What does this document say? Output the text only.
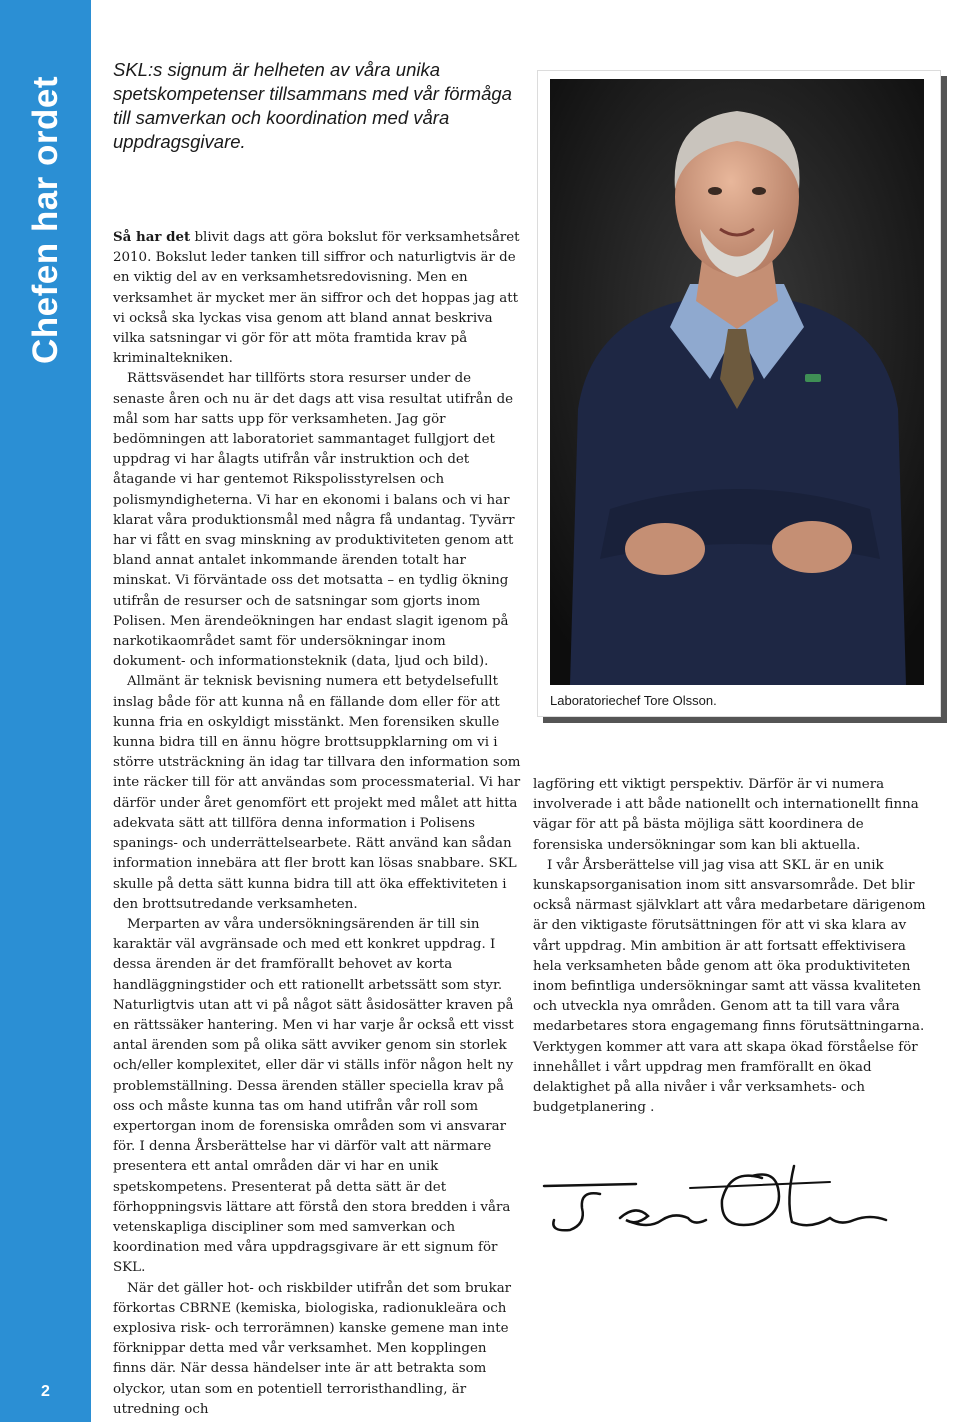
Chefen har ordet
2
SKL:s signum är helheten av våra unika spetskompetenser tillsammans med vår förmåga till samverkan och koordination med våra uppdragsgivare.

Så har det blivit dags att göra bokslut för verksamhetsåret 2010. Bokslut leder tanken till siffror och naturligtvis är de en viktig del av en verksamhetsredovisning. Men en verksamhet är mycket mer än siffror och det hoppas jag att vi också ska lyckas visa genom att bland annat beskriva vilka satsningar vi gör för att möta framtida krav på kriminaltekniken.

Rättsväsendet har tillförts stora resurser under de senaste åren och nu är det dags att visa resultat utifrån de mål som har satts upp för verksamheten. Jag gör bedömningen att laboratoriet sammantaget fullgjort det uppdrag vi har ålagts utifrån vår instruktion och det åtagande vi har gentemot Rikspolisstyrelsen och polismyndigheterna. Vi har en ekonomi i balans och vi har klarat våra produktionsmål med några få undantag. Tyvärr har vi fått en svag minskning av produktiviteten genom att bland annat antalet inkommande ärenden totalt har minskat. Vi förväntade oss det motsatta – en tydlig ökning utifrån de resurser och de satsningar som gjorts inom Polisen. Men ärendeökningen har endast slagit igenom på narkotikaområdet samt för undersökningar inom dokument- och informationsteknik (data, ljud och bild).

Allmänt är teknisk bevisning numera ett betydelsefullt inslag både för att kunna nå en fällande dom eller för att kunna fria en oskyldigt misstänkt. Men forensiken skulle kunna bidra till en ännu högre brottsuppklarning om vi i större utsträckning än idag tar tillvara den information som inte räcker till för att användas som processmaterial. Vi har därför under året genomfört ett projekt med målet att hitta adekvata sätt att tillföra denna information i Polisens spanings- och underrättelsearbete. Rätt använd kan sådan information innebära att fler brott kan lösas snabbare. SKL skulle på detta sätt kunna bidra till att öka effektiviteten i den brottsutredande verksamheten.

Merparten av våra undersökningsärenden är till sin karaktär väl avgränsade och med ett konkret uppdrag. I dessa ärenden är det framförallt behovet av korta handläggningstider och ett rationellt arbetssätt som styr. Naturligtvis utan att vi på något sätt åsidosätter kraven på en rättssäker hantering. Men vi har varje år också ett visst antal ärenden som på olika sätt avviker genom sin storlek och/eller komplexitet, eller där vi ställs inför någon helt ny problemställning. Dessa ärenden ställer speciella krav på oss och måste kunna tas om hand utifrån vår roll som expertorgan inom de forensiska områden som vi ansvarar för. I denna Årsberättelse har vi därför valt att närmare presentera ett antal områden där vi har en unik spetskompetens. Presenterat på detta sätt är det förhoppningsvis lättare att förstå den stora bredden i våra vetenskapliga discipliner som med samverkan och koordination med våra uppdragsgivare är ett signum för SKL.

När det gäller hot- och riskbilder utifrån det som brukar förkortas CBRNE (kemiska, biologiska, radionukleära och explosiva risk- och terrorämnen) kanske gemene man inte förknippar detta med vår verksamhet. Men kopplingen finns där. När dessa händelser inte är att betrakta som olyckor, utan som en potentiell terroristhandling, är utredning och

Laboratoriechef Tore Olsson.

lagföring ett viktigt perspektiv. Därför är vi numera involverade i att både nationellt och internationellt finna vägar för att på bästa möjliga sätt koordinera de forensiska undersökningar som kan bli aktuella.

I vår Årsberättelse vill jag visa att SKL är en unik kunskapsorganisation inom sitt ansvarsområde. Det blir också närmast självklart att våra medarbetare därigenom är den viktigaste förutsättningen för att vi ska klara av vårt uppdrag. Min ambition är att fortsatt effektivisera hela verksamheten både genom att öka produktiviteten inom befintliga undersökningar samt att vässa kvaliteten och utveckla nya områden. Genom att ta till vara våra medarbetares stora engagemang finns förutsättningarna. Verktygen kommer att vara att skapa ökad förståelse för innehållet i vårt uppdrag men framförallt en ökad delaktighet på alla nivåer i vår verksamhets- och budgetplanering .
